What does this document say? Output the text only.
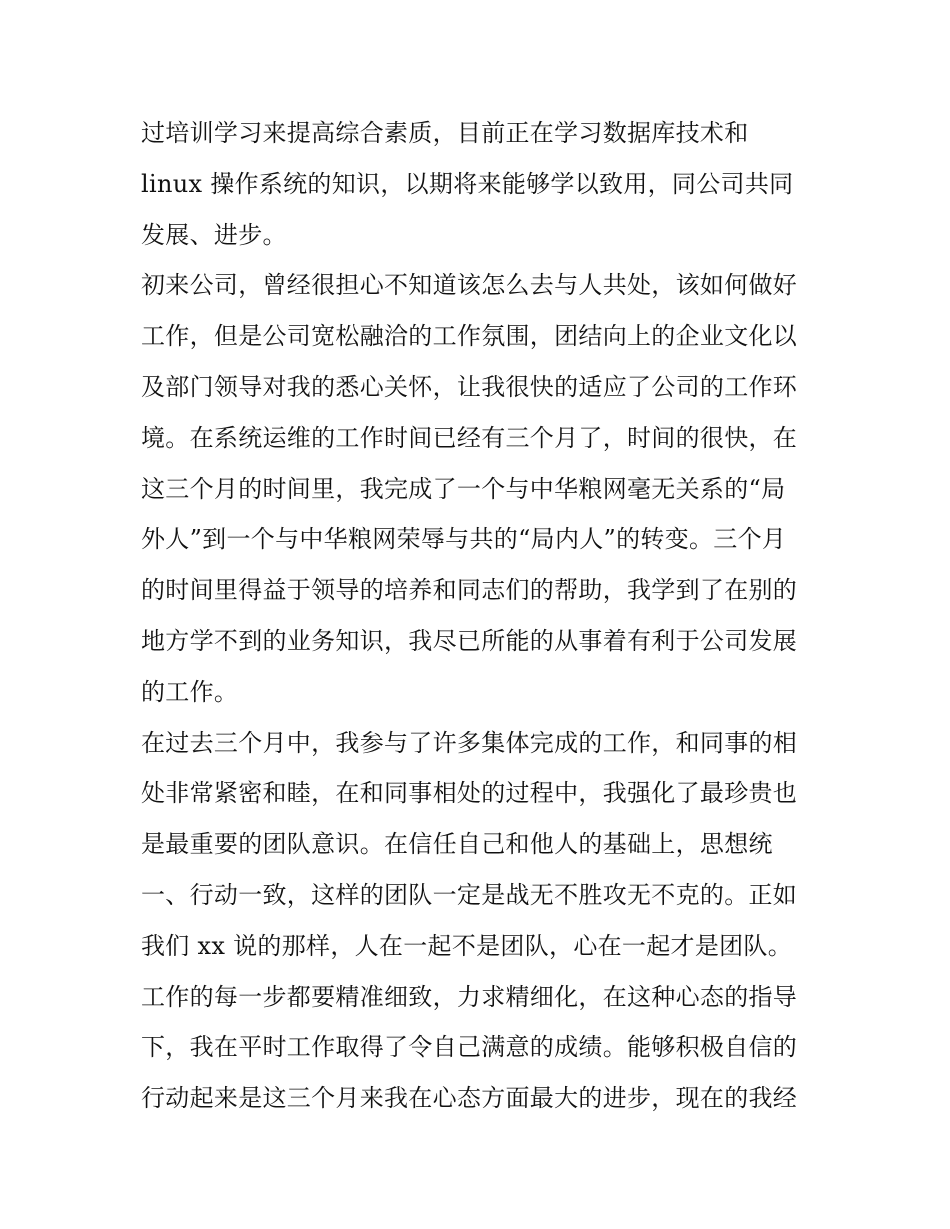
过培训学习来提高综合素质，目前正在学习数据库技术和
linux 操作系统的知识，以期将来能够学以致用，同公司共同
发展、进步。
初来公司，曾经很担心不知道该怎么去与人共处，该如何做好
工作，但是公司宽松融洽的工作氛围，团结向上的企业文化以
及部门领导对我的悉心关怀，让我很快的适应了公司的工作环
境。在系统运维的工作时间已经有三个月了，时间的很快，在
这三个月的时间里，我完成了一个与中华粮网毫无关系的“局
外人”到一个与中华粮网荣辱与共的“局内人”的转变。三个月
的时间里得益于领导的培养和同志们的帮助，我学到了在别的
地方学不到的业务知识，我尽已所能的从事着有利于公司发展
的工作。
在过去三个月中，我参与了许多集体完成的工作，和同事的相
处非常紧密和睦，在和同事相处的过程中，我强化了最珍贵也
是最重要的团队意识。在信任自己和他人的基础上，思想统
一、行动一致，这样的团队一定是战无不胜攻无不克的。正如
我们 xx 说的那样，人在一起不是团队，心在一起才是团队。
工作的每一步都要精准细致，力求精细化，在这种心态的指导
下，我在平时工作取得了令自己满意的成绩。能够积极自信的
行动起来是这三个月来我在心态方面最大的进步，现在的我经
